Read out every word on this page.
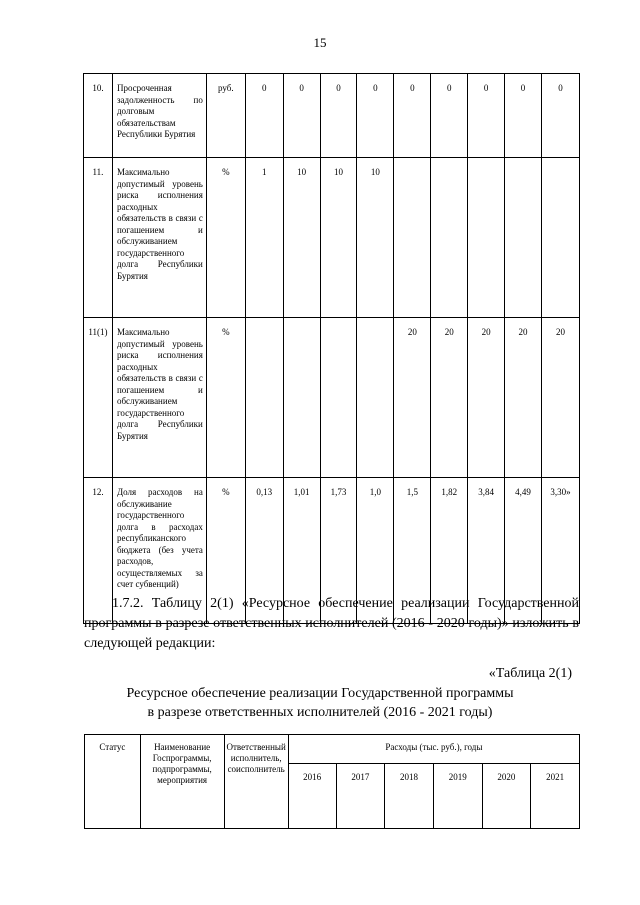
15
10.	Просроченная задолженность по долговым обязательствам Республики Бурятия	руб.	0	0	0	0	0	0	0	0	0
11.	Максимально допустимый уровень риска исполнения расходных обязательств в связи с погашением и обслуживанием государственного долга Республики Бурятия	%	1	10	10	10					
11(1)	Максимально допустимый уровень риска исполнения расходных обязательств в связи с погашением и обслуживанием государственного долга Республики Бурятия	%					20	20	20	20	20
12.	Доля расходов на обслуживание государственного долга в расходах республиканского бюджета (без учета расходов, осуществляемых за счет субвенций)	%	0,13	1,01	1,73	1,0	1,5	1,82	3,84	4,49	3,30»
1.7.2. Таблицу 2(1) «Ресурсное обеспечение реализации Государственной программы в разрезе ответственных исполнителей (2016 - 2020 годы)» изложить в следующей редакции:
«Таблица 2(1)
Ресурсное обеспечение реализации Государственной программы
в разрезе ответственных исполнителей (2016 - 2021 годы)
Статус	Наименование Госпрограммы, подпрограммы, мероприятия	Ответственный исполнитель, соисполнитель	Расходы (тыс. руб.), годы					
			2016	2017	2018	2019	2020	2021
